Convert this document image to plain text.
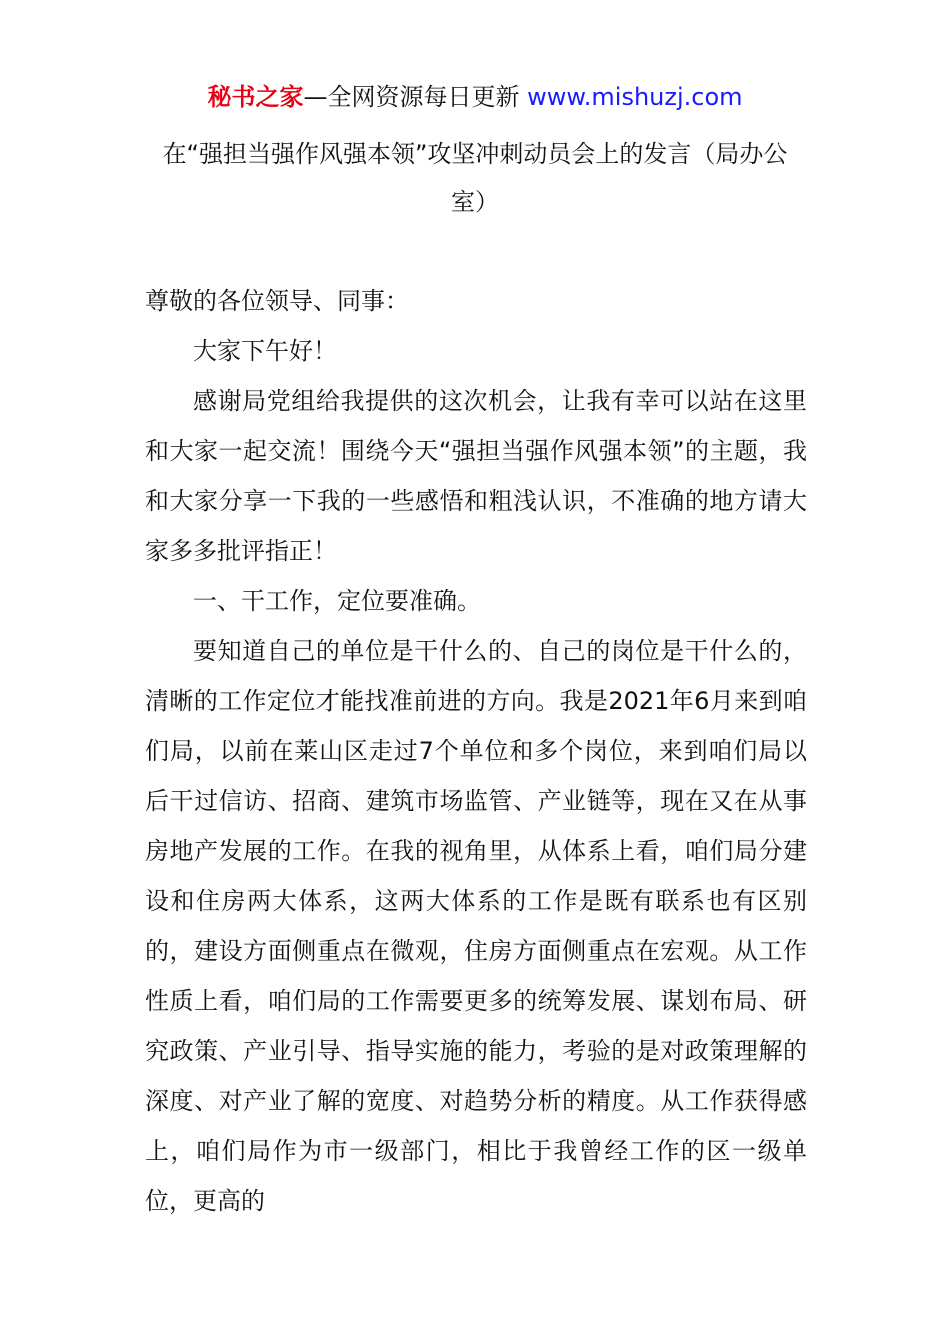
秘书之家—全网资源每日更新 www.mishuzj.com
在“强担当强作风强本领”攻坚冲刺动员会上的发言（局办公室）

尊敬的各位领导、同事：

大家下午好！

感谢局党组给我提供的这次机会，让我有幸可以站在这里和大家一起交流！围绕今天“强担当强作风强本领”的主题，我和大家分享一下我的一些感悟和粗浅认识，不准确的地方请大家多多批评指正！

一、干工作，定位要准确。

要知道自己的单位是干什么的、自己的岗位是干什么的，清晰的工作定位才能找准前进的方向。我是2021年6月来到咱们局，以前在莱山区走过7个单位和多个岗位，来到咱们局以后干过信访、招商、建筑市场监管、产业链等，现在又在从事房地产发展的工作。在我的视角里，从体系上看，咱们局分建设和住房两大体系，这两大体系的工作是既有联系也有区别的，建设方面侧重点在微观，住房方面侧重点在宏观。从工作性质上看，咱们局的工作需要更多的统筹发展、谋划布局、研究政策、产业引导、指导实施的能力，考验的是对政策理解的深度、对产业了解的宽度、对趋势分析的精度。从工作获得感上，咱们局作为市一级部门，相比于我曾经工作的区一级单位，更高的
